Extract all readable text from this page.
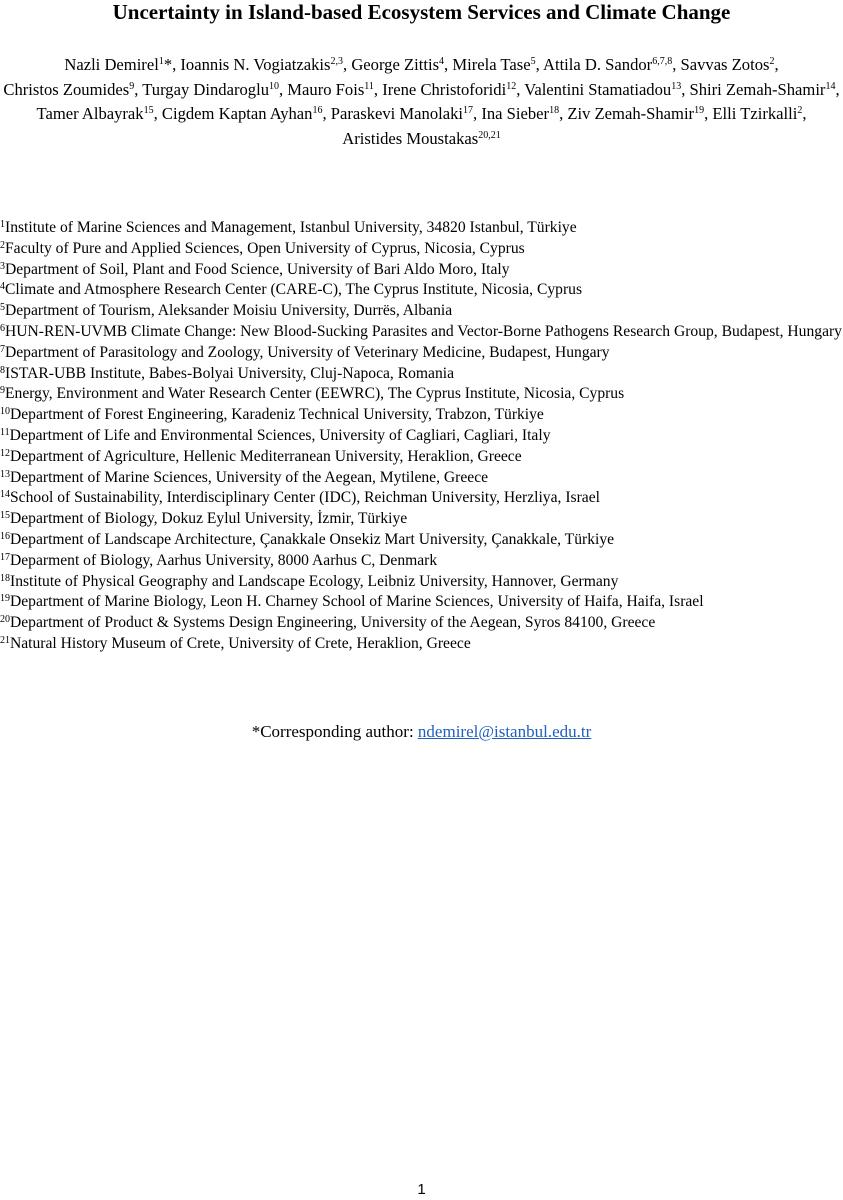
Uncertainty in Island-based Ecosystem Services and Climate Change
Nazli Demirel$^1$*, Ioannis N. Vogiatzakis$^{2,3}$, George Zittis$^4$, Mirela Tase$^5$, Attila D. Sandor$^{6,7,8}$, Savvas Zotos$^2$, Christos Zoumides$^9$, Turgay Dindaroglu$^{10}$, Mauro Fois$^{11}$, Irene Christoforidi$^{12}$, Valentini Stamatiadou$^{13}$, Shiri Zemah-Shamir$^{14}$, Tamer Albayrak$^{15}$, Cigdem Kaptan Ayhan$^{16}$, Paraskevi Manolaki$^{17}$, Ina Sieber$^{18}$, Ziv Zemah-Shamir$^{19}$, Elli Tzirkalli$^2$, Aristides Moustakas$^{20,21}$
$^1$Institute of Marine Sciences and Management, Istanbul University, 34820 Istanbul, Türkiye
$^2$Faculty of Pure and Applied Sciences, Open University of Cyprus, Nicosia, Cyprus
$^3$Department of Soil, Plant and Food Science, University of Bari Aldo Moro, Italy
$^4$Climate and Atmosphere Research Center (CARE-C), The Cyprus Institute, Nicosia, Cyprus
$^5$Department of Tourism, Aleksander Moisiu University, Durrës, Albania
$^6$HUN-REN-UVMB Climate Change: New Blood-Sucking Parasites and Vector-Borne Pathogens Research Group, Budapest, Hungary
$^7$Department of Parasitology and Zoology, University of Veterinary Medicine, Budapest, Hungary
$^8$ISTAR-UBB Institute, Babes-Bolyai University, Cluj-Napoca, Romania
$^9$Energy, Environment and Water Research Center (EEWRC), The Cyprus Institute, Nicosia, Cyprus
$^{10}$Department of Forest Engineering, Karadeniz Technical University, Trabzon, Türkiye
$^{11}$Department of Life and Environmental Sciences, University of Cagliari, Cagliari, Italy
$^{12}$Department of Agriculture, Hellenic Mediterranean University, Heraklion, Greece
$^{13}$Department of Marine Sciences, University of the Aegean, Mytilene, Greece
$^{14}$School of Sustainability, Interdisciplinary Center (IDC), Reichman University, Herzliya, Israel
$^{15}$Department of Biology, Dokuz Eylul University, İzmir, Türkiye
$^{16}$Department of Landscape Architecture, Çanakkale Onsekiz Mart University, Çanakkale, Türkiye
$^{17}$Deparment of Biology, Aarhus University, 8000 Aarhus C, Denmark
$^{18}$Institute of Physical Geography and Landscape Ecology, Leibniz University, Hannover, Germany
$^{19}$Department of Marine Biology, Leon H. Charney School of Marine Sciences, University of Haifa, Haifa, Israel
$^{20}$Department of Product & Systems Design Engineering, University of the Aegean, Syros 84100, Greece
$^{21}$Natural History Museum of Crete, University of Crete, Heraklion, Greece
*Corresponding author: ndemirel@istanbul.edu.tr
1
